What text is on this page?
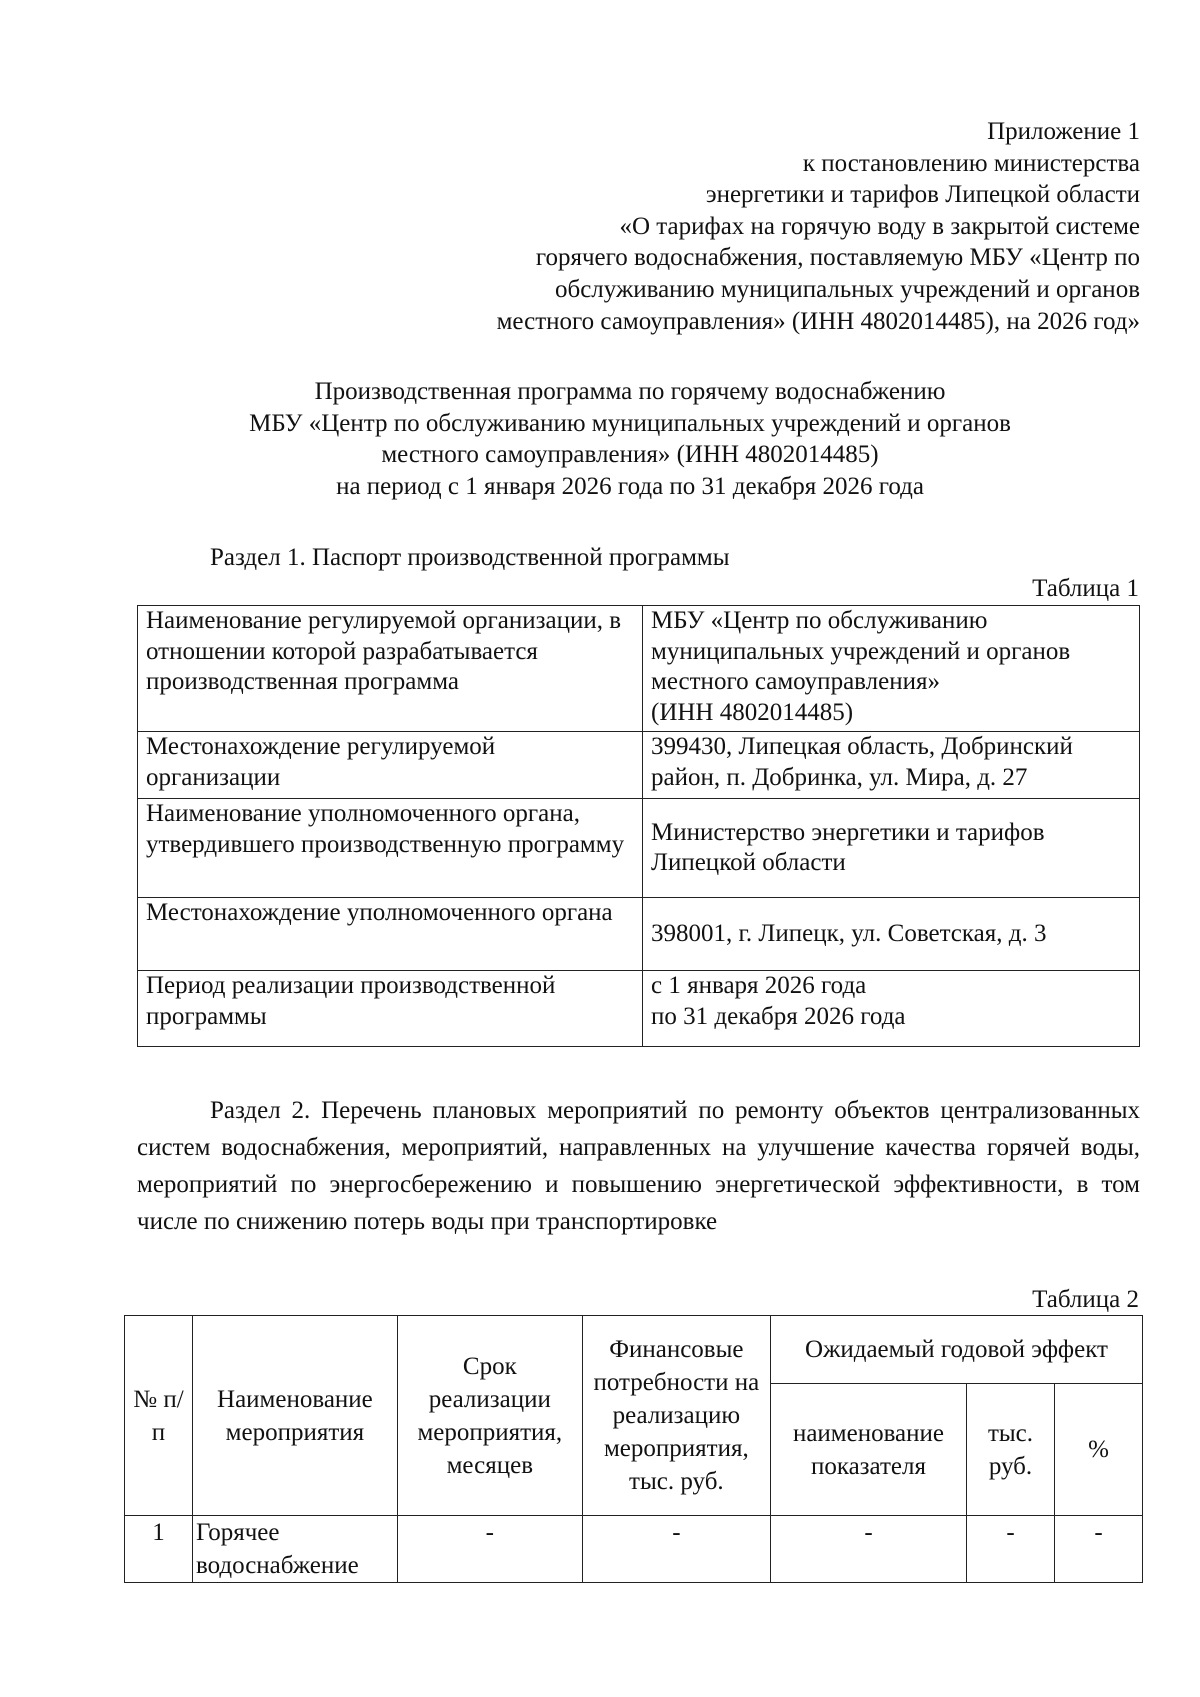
Приложение 1
к постановлению министерства
энергетики и тарифов Липецкой области
«О тарифах на горячую воду в закрытой системе
горячего водоснабжения, поставляемую МБУ «Центр по
обслуживанию муниципальных учреждений и органов
местного самоуправления» (ИНН 4802014485), на 2026 год»
Производственная программа по горячему водоснабжению
МБУ «Центр по обслуживанию муниципальных учреждений и органов
местного самоуправления» (ИНН 4802014485)
на период с 1 января 2026 года по 31 декабря 2026 года
Раздел 1. Паспорт производственной программы
Таблица 1
Наименование регулируемой организации, в отношении которой разрабатывается производственная программа	МБУ «Центр по обслуживанию муниципальных учреждений и органов местного самоуправления»
(ИНН 4802014485)

Местонахождение регулируемой организации	399430, Липецкая область, Добринский район, п. Добринка, ул. Мира, д. 27

Наименование уполномоченного органа, утвердившего производственную программу	Министерство энергетики и тарифов Липецкой области

Местонахождение уполномоченного органа	398001, г. Липецк, ул. Советская, д. 3

Период реализации производственной программы	с 1 января 2026 года
по 31 декабря 2026 года

Раздел 2. Перечень плановых мероприятий по ремонту объектов централизованных систем водоснабжения, мероприятий, направленных на улучшение качества горячей воды, мероприятий по энергосбережению и повышению энергетической эффективности, в том числе по снижению потерь воды при транспортировке

Таблица 2
№ п/п	Наименование мероприятия	Срок реализации мероприятия, месяцев	Финансовые потребности на реализацию мероприятия, тыс. руб.	Ожидаемый годовой эффект		
				наименование показателя	тыс. руб.	%
1	Горячее водоснабжение	-	-	-	-	-
